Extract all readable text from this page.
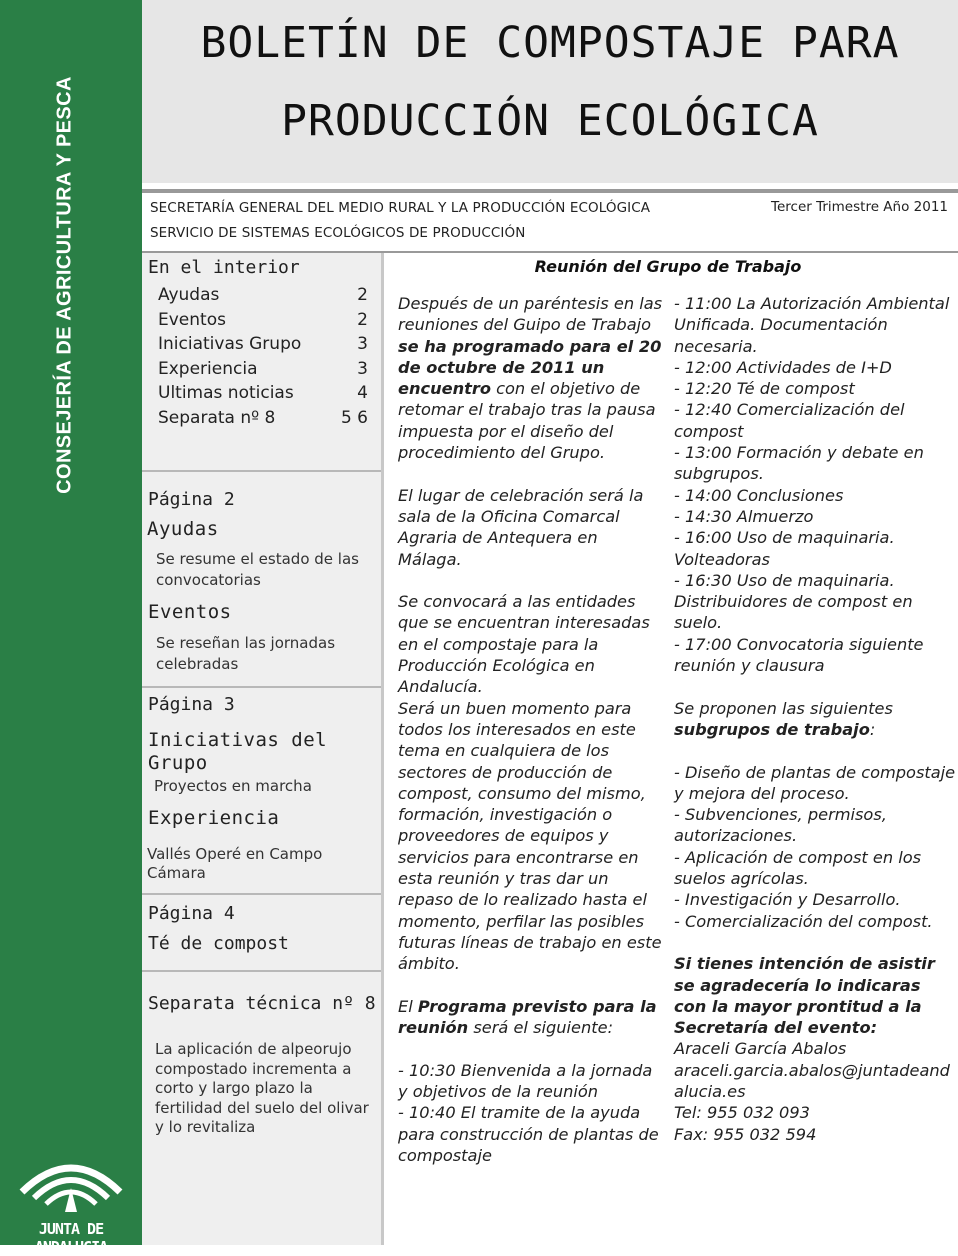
CONSEJERÍA DE AGRICULTURA Y PESCA
JUNTA DE ANDALUCIA
BOLETÍN DE COMPOSTAJE PARA
PRODUCCIÓN ECOLÓGICA
SECRETARÍA GENERAL DEL MEDIO RURAL Y LA PRODUCCIÓN ECOLÓGICA
SERVICIO DE SISTEMAS ECOLÓGICOS DE PRODUCCIÓN
Tercer Trimestre Año 2011
En el interior
Ayudas	2
Eventos	2
Iniciativas Grupo	3
Experiencia	3
Ultimas noticias	4
Separata nº 8	5 6
Página 2
Ayudas
Se resume el estado de las convocatorias
Eventos
Se reseñan las jornadas celebradas
Página 3
Iniciativas del Grupo
Proyectos en marcha
Experiencia
Vallés Operé en Campo Cámara
Página 4
Té de compost
Separata técnica nº 8
La aplicación de alpeorujo compostado incrementa a corto y largo plazo la fertilidad del suelo del olivar y lo revitaliza
Reunión del Grupo de Trabajo

Después de un paréntesis en las reuniones del Guipo de Trabajo se ha programado para el 20 de octubre de 2011 un encuentro con el objetivo de retomar el trabajo tras la pausa impuesta por el diseño del procedimiento del Grupo.

El lugar de celebración será la sala de la Oficina Comarcal Agraria de Antequera en Málaga.

Se convocará a las entidades que se encuentran interesadas en el compostaje para la Producción Ecológica en Andalucía.

Será un buen momento para todos los interesados en este tema en cualquiera de los sectores de producción de compost, consumo del mismo, formación, investigación o proveedores de equipos y servicios para encontrarse en esta reunión y tras dar un repaso de lo realizado hasta el momento, perfilar las posibles futuras líneas de trabajo en este ámbito.

El Programa previsto para la reunión será el siguiente:

- 10:30 Bienvenida a la jornada y objetivos de la reunión

- 10:40 El tramite de la ayuda para construcción de plantas de compostaje

- 11:00 La Autorización Ambiental Unificada. Documentación necesaria.

- 12:00 Actividades de I+D

- 12:20 Té de compost

- 12:40 Comercialización del compost

- 13:00 Formación y debate en subgrupos.

- 14:00 Conclusiones

- 14:30 Almuerzo

- 16:00 Uso de maquinaria. Volteadoras

- 16:30 Uso de maquinaria. Distribuidores de compost en suelo.

- 17:00 Convocatoria siguiente reunión y clausura

Se proponen las siguientes subgrupos de trabajo:

- Diseño de plantas de compostaje y mejora del proceso.

- Subvenciones, permisos, autorizaciones.

- Aplicación de compost en los suelos agrícolas.

- Investigación y Desarrollo.

- Comercialización del compost.

Si tienes intención de asistir se agradecería lo indicaras con la mayor prontitud a la Secretaría del evento:

Araceli García Abalos

araceli.garcia.abalos@juntadeandalucia.es

Tel: 955 032 093

Fax: 955 032 594
